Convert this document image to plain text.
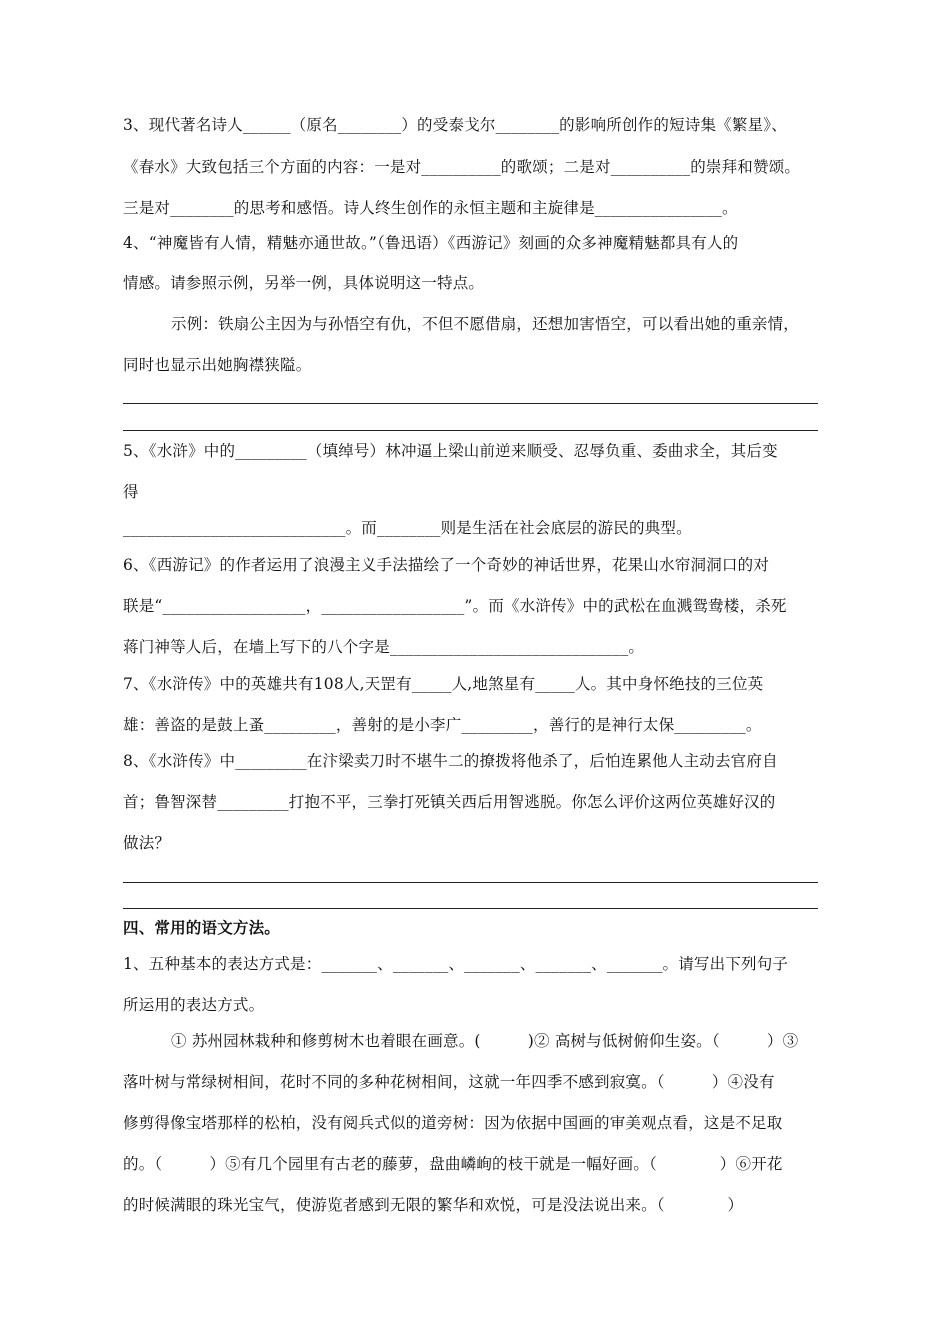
3、现代著名诗人______（原名________）的受泰戈尔________的影响所创作的短诗集《繁星》、
《春水》大致包括三个方面的内容：一是对__________的歌颂；二是对__________的崇拜和赞颂。
三是对________的思考和感悟。诗人终生创作的永恒主题和主旋律是________________。
4、“神魔皆有人情，精魅亦通世故。”（鲁迅语）《西游记》刻画的众多神魔精魅都具有人的
情感。请参照示例，另举一例，具体说明这一特点。
示例：铁扇公主因为与孙悟空有仇，不但不愿借扇，还想加害悟空，可以看出她的重亲情，
同时也显示出她胸襟狭隘。
5、《水浒》中的_________（填绰号）林冲逼上梁山前逆来顺受、忍辱负重、委曲求全，其后变
得
____________________________。而________则是生活在社会底层的游民的典型。
6、《西游记》的作者运用了浪漫主义手法描绘了一个奇妙的神话世界，花果山水帘洞洞口的对
联是“__________________，__________________”。而《水浒传》中的武松在血溅鸳鸯楼，杀死
蒋门神等人后，在墙上写下的八个字是______________________________。
7、《水浒传》中的英雄共有108人,天罡有_____人,地煞星有_____人。其中身怀绝技的三位英
雄：善盗的是鼓上蚤_________，善射的是小李广_________，善行的是神行太保_________。
8、《水浒传》中_________在汴梁卖刀时不堪牛二的撩拨将他杀了，后怕连累他人主动去官府自
首；鲁智深替_________打抱不平，三拳打死镇关西后用智逃脱。你怎么评价这两位英雄好汉的
做法？
四、常用的语文方法。
1、五种基本的表达方式是：_______、_______、_______、_______、_______。请写出下列句子
所运用的表达方式。
① 苏州园林栽种和修剪树木也着眼在画意。(　　　)② 高树与低树俯仰生姿。（　　　）③
落叶树与常绿树相间，花时不同的多种花树相间，这就一年四季不感到寂寞。（　　　）④没有
修剪得像宝塔那样的松柏，没有阅兵式似的道旁树：因为依据中国画的审美观点看，这是不足取
的。（　　　）⑤有几个园里有古老的藤萝，盘曲嶙峋的枝干就是一幅好画。（　　　　）⑥开花
的时候满眼的珠光宝气，使游览者感到无限的繁华和欢悦，可是没法说出来。（　　　　）
